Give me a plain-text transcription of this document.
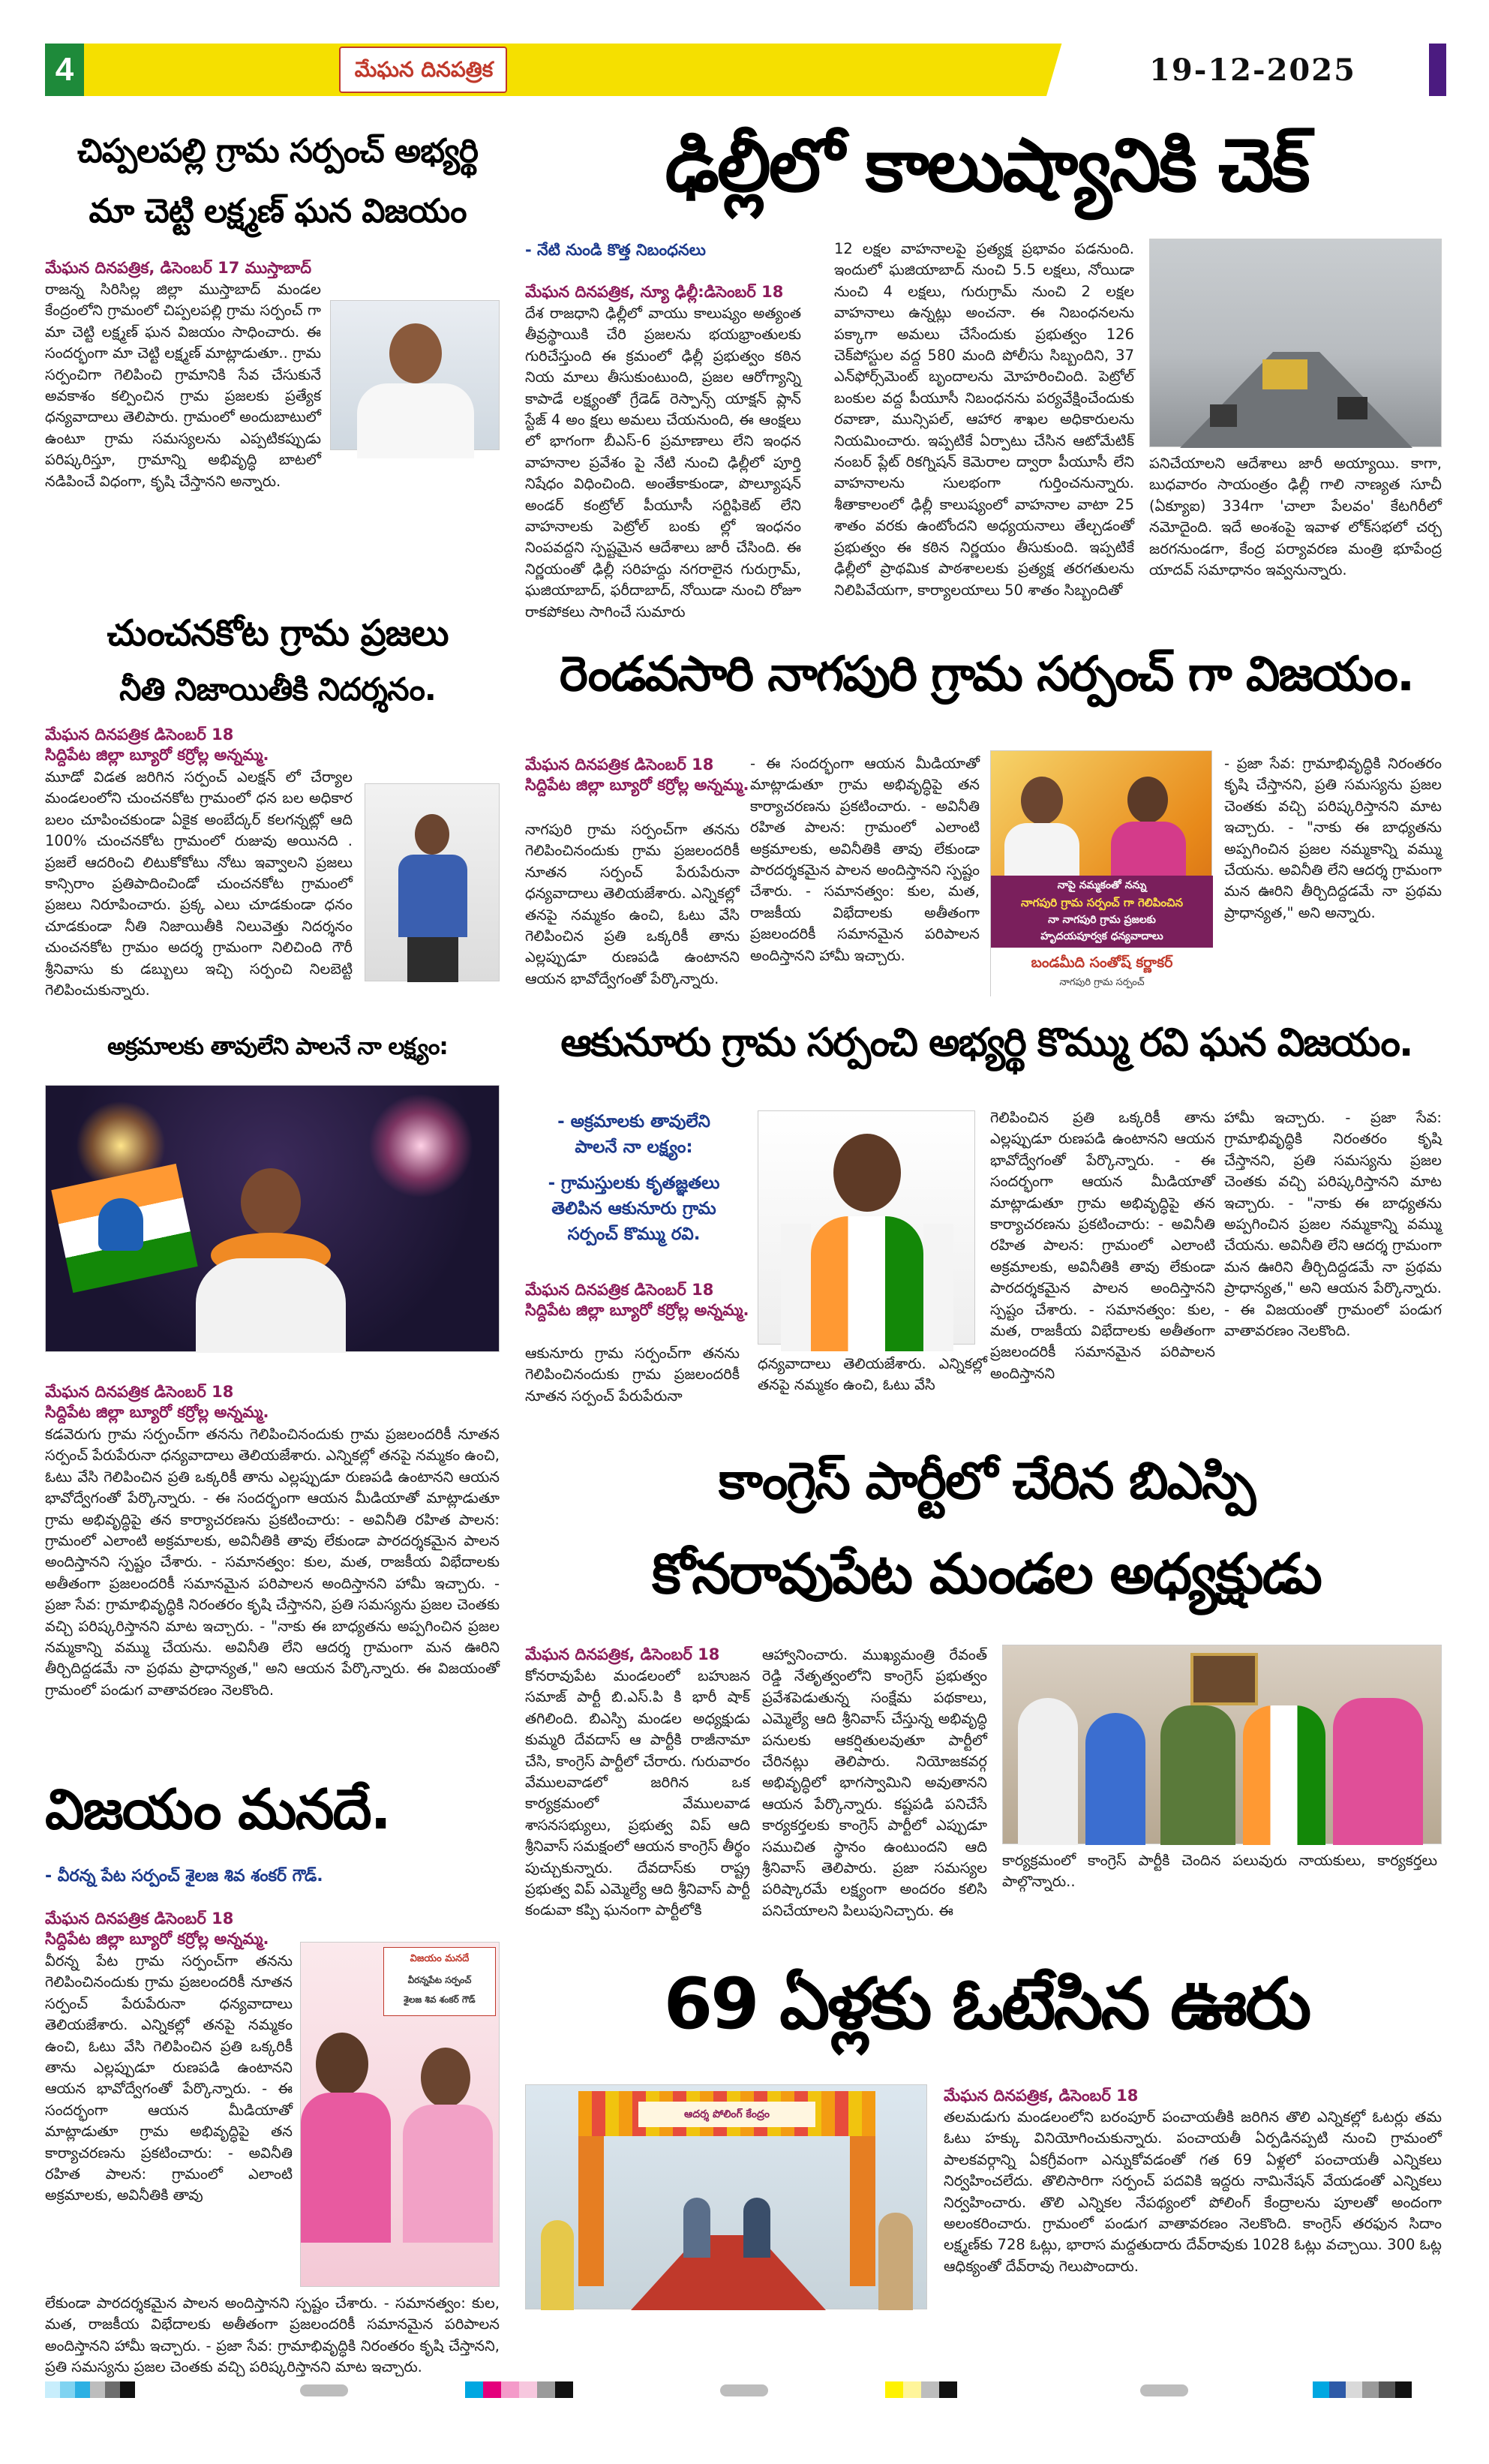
4	మేఘన దినపత్రిక	19-12-2025
చిప్పలపల్లి గ్రామ సర్పంచ్ అభ్యర్థి
మా చెట్టి లక్ష్మణ్ ఘన విజయం
మేఘన దినపత్రిక, డిసెంబర్ 17 ముస్తాబాద్
రాజన్న సిరిసిల్ల జిల్లా ముస్తాబాద్ మండల కేంద్రంలోని గ్రామంలో చిప్పలపల్లి గ్రామ సర్పంచ్ గా మా చెట్టి లక్ష్మణ్ ఘన విజయం సాధించారు. ఈ సందర్భంగా మా చెట్టి లక్ష్మణ్ మాట్లాడుతూ.. గ్రామ సర్పంచిగా గెలిపించి గ్రామానికి సేవ చేసుకునే అవకాశం కల్పించిన గ్రామ ప్రజలకు ప్రత్యేక ధన్యవాదాలు తెలిపారు. గ్రామంలో అందుబాటులో ఉంటూ గ్రామ సమస్యలను ఎప్పటికప్పుడు పరిష్కరిస్తూ, గ్రామాన్ని అభివృద్ధి బాటలో నడిపించే విధంగా, కృషి చేస్తానని అన్నారు.
ఢిల్లీలో కాలుష్యానికి చెక్
- నేటి నుండి కొత్త నిబంధనలు
మేఘన దినపత్రిక, న్యూ ఢిల్లీ:డిసెంబర్ 18
దేశ రాజధాని ఢిల్లీలో వాయు కాలుష్యం అత్యంత తీవ్రస్థాయికి చేరి ప్రజలను భయభ్రాంతులకు గురిచేస్తుంది ఈ క్రమంలో ఢిల్లీ ప్రభుత్వం కఠిన నియ మాలు తీసుకుంటుంది, ప్రజల ఆరోగ్యాన్ని కాపాడే లక్ష్యంతో గ్రేడెడ్ రెస్పాన్స్ యాక్షన్ ప్లాన్ స్టేజ్ 4 అం క్షలు అమలు చేయనుంది, ఈ ఆంక్షలు లో భాగంగా బీఎస్-6 ప్రమాణాలు లేని ఇంధన వాహనాల ప్రవేశం పై నేటి నుంచి ఢిల్లీలో పూర్తి నిషేధం విధించింది. అంతేకాకుండా, పొల్యూషన్ అండర్ కంట్రోల్ పీయూసీ సర్టిఫికెట్ లేని వాహనాలకు పెట్రోల్ బంకు ల్లో ఇంధనం నింపవద్దని స్పష్టమైన ఆదేశాలు జారీ చేసింది. ఈ నిర్ణయంతో ఢిల్లీ సరిహద్దు నగరాలైన గురుగ్రామ్, ఘజియాబాద్, ఫరీదాబాద్, నోయిడా నుంచి రోజూ రాకపోకలు సాగించే సుమారు
12 లక్షల వాహనాలపై ప్రత్యక్ష ప్రభావం పడనుంది. ఇందులో ఘజియాబాద్ నుంచి 5.5 లక్షలు, నోయిడా నుంచి 4 లక్షలు, గురుగ్రామ్ నుంచి 2 లక్షల వాహనాలు ఉన్నట్లు అంచనా. ఈ నిబంధనలను పక్కాగా అమలు చేసేందుకు ప్రభుత్వం 126 చెక్‌పోస్టుల వద్ద 580 మంది పోలీసు సిబ్బందిని, 37 ఎన్‌ఫోర్స్‌మెంట్ బృందాలను మోహరించింది. పెట్రోల్ బంకుల వద్ద పీయూసీ నిబంధనను పర్యవేక్షించేందుకు రవాణా, మున్సిపల్, ఆహార శాఖల అధికారులను నియమించారు. ఇప్పటికే ఏర్పాటు చేసిన ఆటోమేటిక్ నంబర్ ప్లేట్ రికగ్నిషన్ కెమెరాల ద్వారా పీయూసీ లేని వాహనాలను సులభంగా గుర్తించనున్నారు. శీతాకాలంలో ఢిల్లీ కాలుష్యంలో వాహనాల వాటా 25 శాతం వరకు ఉంటోందని అధ్యయనాలు తేల్చడంతో ప్రభుత్వం ఈ కఠిన నిర్ణయం తీసుకుంది. ఇప్పటికే ఢిల్లీలో ప్రాథమిక పాఠశాలలకు ప్రత్యక్ష తరగతులను నిలిపివేయగా, కార్యాలయాలు 50 శాతం సిబ్బందితో
పనిచేయాలని ఆదేశాలు జారీ అయ్యాయి. కాగా, బుధవారం సాయంత్రం ఢిల్లీ గాలి నాణ్యత సూచీ (ఏక్యూఐ) 334గా 'చాలా పేలవం' కేటగిరీలో నమోదైంది. ఇదే అంశంపై ఇవాళ లోక్‌సభలో చర్చ జరగనుండగా, కేంద్ర పర్యావరణ మంత్రి భూపేంద్ర యాదవ్ సమాధానం ఇవ్వనున్నారు.
చుంచనకోట గ్రామ ప్రజలు
నీతి నిజాయితీకి నిదర్శనం.
మేఘన దినపత్రిక డిసెంబర్ 18
సిద్దిపేట జిల్లా బ్యూరో కర్రోల్ల అన్నమ్మ.
మూడో విడత జరిగిన సర్పంచ్ ఎలక్షన్ లో చేర్యాల మండలంలోని చుంచనకోట గ్రామంలో ధన బల అధికార బలం చూపించకుండా ఏకైక అంబేద్కర్ కలగన్నట్లో ఆది 100% చుంచనకోట గ్రామంలో రుజువు అయినది . ప్రజలే ఆదరించి లిటుకోకోటు నోటు ఇవ్వాలని ప్రజలు కాన్సిరాం ప్రతిపాదించిండో చుంచనకోట గ్రామంలో ప్రజలు నిరూపించారు. ప్రక్క ఎలు చూడకుండా ధనం చూడకుండా నీతి నిజాయితీకి నిలువెత్తు నిదర్శనం చుంచనకోట గ్రామం అదర్శ గ్రామంగా నిలిచింది గౌరీ శ్రీనివాసు కు డబ్బులు ఇచ్చి సర్పంచి నిలబెట్టి గెలిపించుకున్నారు.
రెండవసారి నాగపురి గ్రామ సర్పంచ్ గా విజయం.
మేఘన దినపత్రిక డిసెంబర్ 18
సిద్దిపేట జిల్లా బ్యూరో కర్రోల్ల అన్నమ్మ.
నాగపురి గ్రామ సర్పంచ్‌గా తనను గెలిపించినందుకు గ్రామ ప్రజలందరికీ నూతన సర్పంచ్ పేరుపేరునా ధన్యవాదాలు తెలియజేశారు. ఎన్నికల్లో తనపై నమ్మకం ఉంచి, ఓటు వేసి గెలిపించిన ప్రతి ఒక్కరికీ తాను ఎల్లప్పుడూ రుణపడి ఉంటానని ఆయన భావోద్వేగంతో పేర్కొన్నారు.
- ఈ సందర్భంగా ఆయన మీడియాతో మాట్లాడుతూ గ్రామ అభివృద్ధిపై తన కార్యాచరణను ప్రకటించారు. - అవినీతి రహిత పాలన: గ్రామంలో ఎలాంటి అక్రమాలకు, అవినీతికి తావు లేకుండా పారదర్శకమైన పాలన అందిస్తానని స్పష్టం చేశారు. - సమానత్వం: కుల, మత, రాజకీయ విభేదాలకు అతీతంగా ప్రజలందరికీ సమానమైన పరిపాలన అందిస్తానని హామీ ఇచ్చారు.
నాపై నమ్మకంతో నన్ను
నాగపురి గ్రామ సర్పంచ్ గా గెలిపించిన
నా నాగపురి గ్రామ ప్రజలకు
హృదయపూర్వక ధన్యవాదాలు
బండమీది సంతోష్ కర్ణాకర్
నాగపురి గ్రామ సర్పంచ్
- ప్రజా సేవ: గ్రామాభివృద్ధికి నిరంతరం కృషి చేస్తానని, ప్రతి సమస్యను ప్రజల చెంతకు వచ్చి పరిష్కరిస్తానని మాట ఇచ్చారు. - "నాకు ఈ బాధ్యతను అప్పగించిన ప్రజల నమ్మకాన్ని వమ్ము చేయను. అవినీతి లేని ఆదర్శ గ్రామంగా మన ఊరిని తీర్చిదిద్దడమే నా ప్రథమ ప్రాధాన్యత," అని అన్నారు.
అక్రమాలకు తావులేని పాలనే నా లక్ష్యం:
మేఘన దినపత్రిక డిసెంబర్ 18
సిద్దిపేట జిల్లా బ్యూరో కర్రోల్ల అన్నమ్మ.
కడవెరుగు గ్రామ సర్పంచ్‌గా తనను గెలిపించినందుకు గ్రామ ప్రజలందరికీ నూతన సర్పంచ్ పేరుపేరునా ధన్యవాదాలు తెలియజేశారు. ఎన్నికల్లో తనపై నమ్మకం ఉంచి, ఓటు వేసి గెలిపించిన ప్రతి ఒక్కరికీ తాను ఎల్లప్పుడూ రుణపడి ఉంటానని ఆయన భావోద్వేగంతో పేర్కొన్నారు. - ఈ సందర్భంగా ఆయన మీడియాతో మాట్లాడుతూ గ్రామ అభివృద్ధిపై తన కార్యాచరణను ప్రకటించారు: - అవినీతి రహిత పాలన: గ్రామంలో ఎలాంటి అక్రమాలకు, అవినీతికి తావు లేకుండా పారదర్శకమైన పాలన అందిస్తానని స్పష్టం చేశారు. - సమానత్వం: కుల, మత, రాజకీయ విభేదాలకు అతీతంగా ప్రజలందరికీ సమానమైన పరిపాలన అందిస్తానని హామీ ఇచ్చారు. - ప్రజా సేవ: గ్రామాభివృద్ధికి నిరంతరం కృషి చేస్తానని, ప్రతి సమస్యను ప్రజల చెంతకు వచ్చి పరిష్కరిస్తానని మాట ఇచ్చారు. - "నాకు ఈ బాధ్యతను అప్పగించిన ప్రజల నమ్మకాన్ని వమ్ము చేయను. అవినీతి లేని ఆదర్శ గ్రామంగా మన ఊరిని తీర్చిదిద్దడమే నా ప్రథమ ప్రాధాన్యత," అని ఆయన పేర్కొన్నారు. ఈ విజయంతో గ్రామంలో పండుగ వాతావరణం నెలకొంది.
ఆకునూరు గ్రామ సర్పంచి అభ్యర్థి కొమ్ము రవి ఘన విజయం.
- అక్రమాలకు తావులేని
పాలనే నా లక్ష్యం:
- గ్రామస్తులకు కృతజ్ఞతలు
తెలిపిన ఆకునూరు గ్రామ
సర్పంచ్ కొమ్ము రవి.
మేఘన దినపత్రిక డిసెంబర్ 18
సిద్దిపేట జిల్లా బ్యూరో కర్రోల్ల అన్నమ్మ.
ఆకునూరు గ్రామ సర్పంచ్‌గా తనను గెలిపించినందుకు గ్రామ ప్రజలందరికీ నూతన సర్పంచ్ పేరుపేరునా
ధన్యవాదాలు తెలియజేశారు. ఎన్నికల్లో తనపై నమ్మకం ఉంచి, ఓటు వేసి
గెలిపించిన ప్రతి ఒక్కరికీ తాను ఎల్లప్పుడూ రుణపడి ఉంటానని ఆయన భావోద్వేగంతో పేర్కొన్నారు. - ఈ సందర్భంగా ఆయన మీడియాతో మాట్లాడుతూ గ్రామ అభివృద్ధిపై తన కార్యాచరణను ప్రకటించారు: - అవినీతి రహిత పాలన: గ్రామంలో ఎలాంటి అక్రమాలకు, అవినీతికి తావు లేకుండా పారదర్శకమైన పాలన అందిస్తానని స్పష్టం చేశారు. - సమానత్వం: కుల, మత, రాజకీయ విభేదాలకు అతీతంగా ప్రజలందరికీ సమానమైన పరిపాలన అందిస్తానని
హామీ ఇచ్చారు. - ప్రజా సేవ: గ్రామాభివృద్ధికి నిరంతరం కృషి చేస్తానని, ప్రతి సమస్యను ప్రజల చెంతకు వచ్చి పరిష్కరిస్తానని మాట ఇచ్చారు. - "నాకు ఈ బాధ్యతను అప్పగించిన ప్రజల నమ్మకాన్ని వమ్ము చేయను. అవినీతి లేని ఆదర్శ గ్రామంగా మన ఊరిని తీర్చిదిద్దడమే నా ప్రథమ ప్రాధాన్యత," అని ఆయన పేర్కొన్నారు. - ఈ విజయంతో గ్రామంలో పండుగ వాతావరణం నెలకొంది.
కాంగ్రెస్ పార్టీలో చేరిన బిఎస్పి
కోనరావుపేట మండల అధ్యక్షుడు
మేఘన దినపత్రిక, డిసెంబర్ 18
కోనరావుపేట మండలంలో బహుజన సమాజ్ పార్టీ బి.ఎస్.పి కి భారీ షాక్ తగిలింది. బిఎస్పి మండల అధ్యక్షుడు కుమ్మరి దేవదాస్ ఆ పార్టీకి రాజీనామా చేసి, కాంగ్రెస్ పార్టీలో చేరారు. గురువారం వేములవాడలో జరిగిన ఒక కార్యక్రమంలో వేములవాడ శాసనసభ్యులు, ప్రభుత్వ విప్ ఆది శ్రీనివాస్ సమక్షంలో ఆయన కాంగ్రెస్ తీర్థం పుచ్చుకున్నారు. దేవదాస్‌కు రాష్ట్ర ప్రభుత్వ విప్ ఎమ్మెల్యే ఆది శ్రీనివాస్ పార్టీ కండువా కప్పి ఘనంగా పార్టీలోకి
ఆహ్వానించారు. ముఖ్యమంత్రి రేవంత్ రెడ్డి నేతృత్వంలోని కాంగ్రెస్ ప్రభుత్వం ప్రవేశపెడుతున్న సంక్షేమ పథకాలు, ఎమ్మెల్యే ఆది శ్రీనివాస్ చేస్తున్న అభివృద్ధి పనులకు ఆకర్షితులవుతూ పార్టీలో చేరినట్లు తెలిపారు. నియోజకవర్గ అభివృద్ధిలో భాగస్వామిని అవుతానని ఆయన పేర్కొన్నారు. కష్టపడి పనిచేసే కార్యకర్తలకు కాంగ్రెస్ పార్టీలో ఎప్పుడూ సముచిత స్థానం ఉంటుందని ఆది శ్రీనివాస్ తెలిపారు. ప్రజా సమస్యల పరిష్కారమే లక్ష్యంగా అందరం కలిసి పనిచేయాలని పిలుపునిచ్చారు. ఈ
కార్యక్రమంలో కాంగ్రెస్ పార్టీకి చెందిన పలువురు నాయకులు, కార్యకర్తలు పాల్గొన్నారు..
విజయం మనదే.
- వీరన్న పేట సర్పంచ్ శైలజ శివ శంకర్ గౌడ్.
మేఘన దినపత్రిక డిసెంబర్ 18
సిద్దిపేట జిల్లా బ్యూరో కర్రోల్ల అన్నమ్మ.
వీరన్న పేట గ్రామ సర్పంచ్‌గా తనను గెలిపించినందుకు గ్రామ ప్రజలందరికీ నూతన సర్పంచ్ పేరుపేరునా ధన్యవాదాలు తెలియజేశారు. ఎన్నికల్లో తనపై నమ్మకం ఉంచి, ఓటు వేసి గెలిపించిన ప్రతి ఒక్కరికీ తాను ఎల్లప్పుడూ రుణపడి ఉంటానని ఆయన భావోద్వేగంతో పేర్కొన్నారు. - ఈ సందర్భంగా ఆయన మీడియాతో మాట్లాడుతూ గ్రామ అభివృద్ధిపై తన కార్యాచరణను ప్రకటించారు: - అవినీతి రహిత పాలన: గ్రామంలో ఎలాంటి అక్రమాలకు, అవినీతికి తావు
విజయం మనదే
వీరన్నపేట సర్పంచ్
శైలజ శివ శంకర్ గౌడ్
లేకుండా పారదర్శకమైన పాలన అందిస్తానని స్పష్టం చేశారు. - సమానత్వం: కుల, మత, రాజకీయ విభేదాలకు అతీతంగా ప్రజలందరికీ సమానమైన పరిపాలన అందిస్తానని హామీ ఇచ్చారు. - ప్రజా సేవ: గ్రామాభివృద్ధికి నిరంతరం కృషి చేస్తానని, ప్రతి సమస్యను ప్రజల చెంతకు వచ్చి పరిష్కరిస్తానని మాట ఇచ్చారు.
69 ఏళ్లకు ఓటేసిన ఊరు
ఆదర్శ పోలింగ్ కేంద్రం
మేఘన దినపత్రిక, డిసెంబర్ 18
తలమడుగు మండలంలోని బరంపూర్ పంచాయతీకి జరిగిన తొలి ఎన్నికల్లో ఓటర్లు తమ ఓటు హక్కు వినియోగించుకున్నారు. పంచాయతీ ఏర్పడినప్పటి నుంచి గ్రామంలో పాలకవర్గాన్ని ఏకగ్రీవంగా ఎన్నుకోవడంతో గత 69 ఏళ్లలో పంచాయతీ ఎన్నికలు నిర్వహించలేదు. తొలిసారిగా సర్పంచ్ పదవికి ఇద్దరు నామినేషన్ వేయడంతో ఎన్నికలు నిర్వహించారు. తొలి ఎన్నికల నేపథ్యంలో పోలింగ్ కేంద్రాలను పూలతో అందంగా అలంకరించారు. గ్రామంలో పండుగ వాతావరణం నెలకొంది. కాంగ్రెస్ తరఫున సిదాం లక్ష్మణ్‌కు 728 ఓట్లు, భారాస మద్దతుదారు దేవ్‌రావుకు 1028 ఓట్లు వచ్చాయి. 300 ఓట్ల ఆధిక్యంతో దేవ్‌రావు గెలుపొందారు.
